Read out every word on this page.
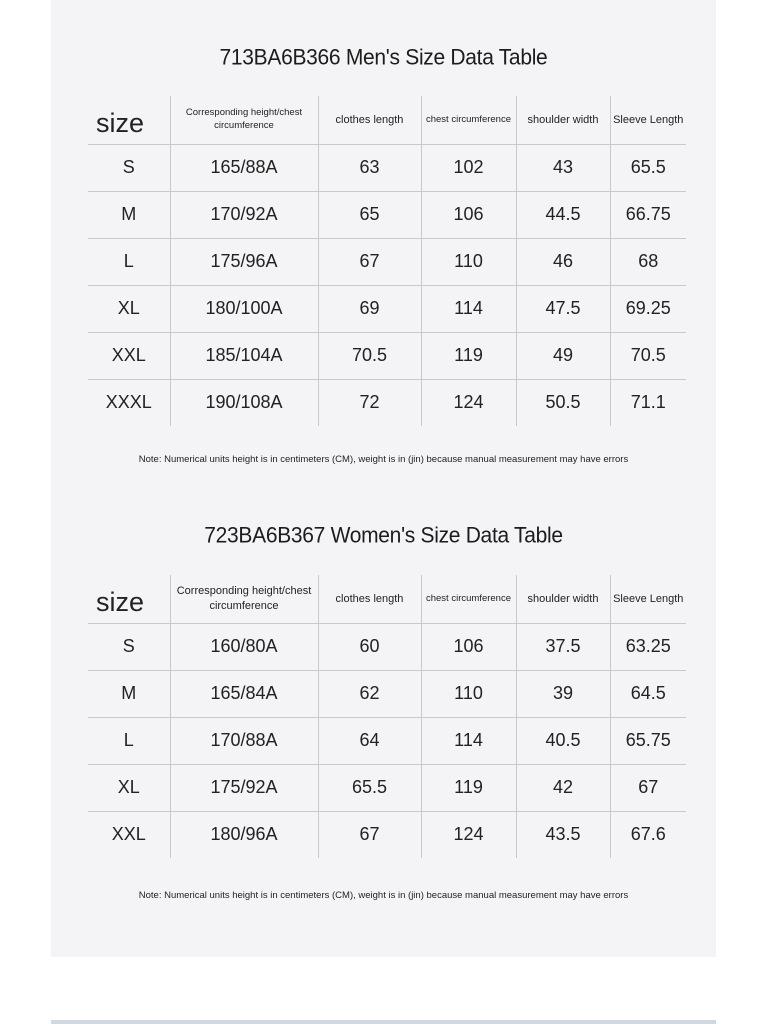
713BA6B366 Men's Size Data Table
size	Corresponding height/chest circumference	clothes length	chest circumference	shoulder width	Sleeve Length
S	165/88A	63	102	43	65.5
M	170/92A	65	106	44.5	66.75
L	175/96A	67	110	46	68
XL	180/100A	69	114	47.5	69.25
XXL	185/104A	70.5	119	49	70.5
XXXL	190/108A	72	124	50.5	71.1
Note: Numerical units height is in centimeters (CM), weight is in (jin) because manual measurement may have errors
723BA6B367 Women's Size Data Table
size	Corresponding height/chest circumference	clothes length	chest circumference	shoulder width	Sleeve Length
S	160/80A	60	106	37.5	63.25
M	165/84A	62	110	39	64.5
L	170/88A	64	114	40.5	65.75
XL	175/92A	65.5	119	42	67
XXL	180/96A	67	124	43.5	67.6
Note: Numerical units height is in centimeters (CM), weight is in (jin) because manual measurement may have errors
